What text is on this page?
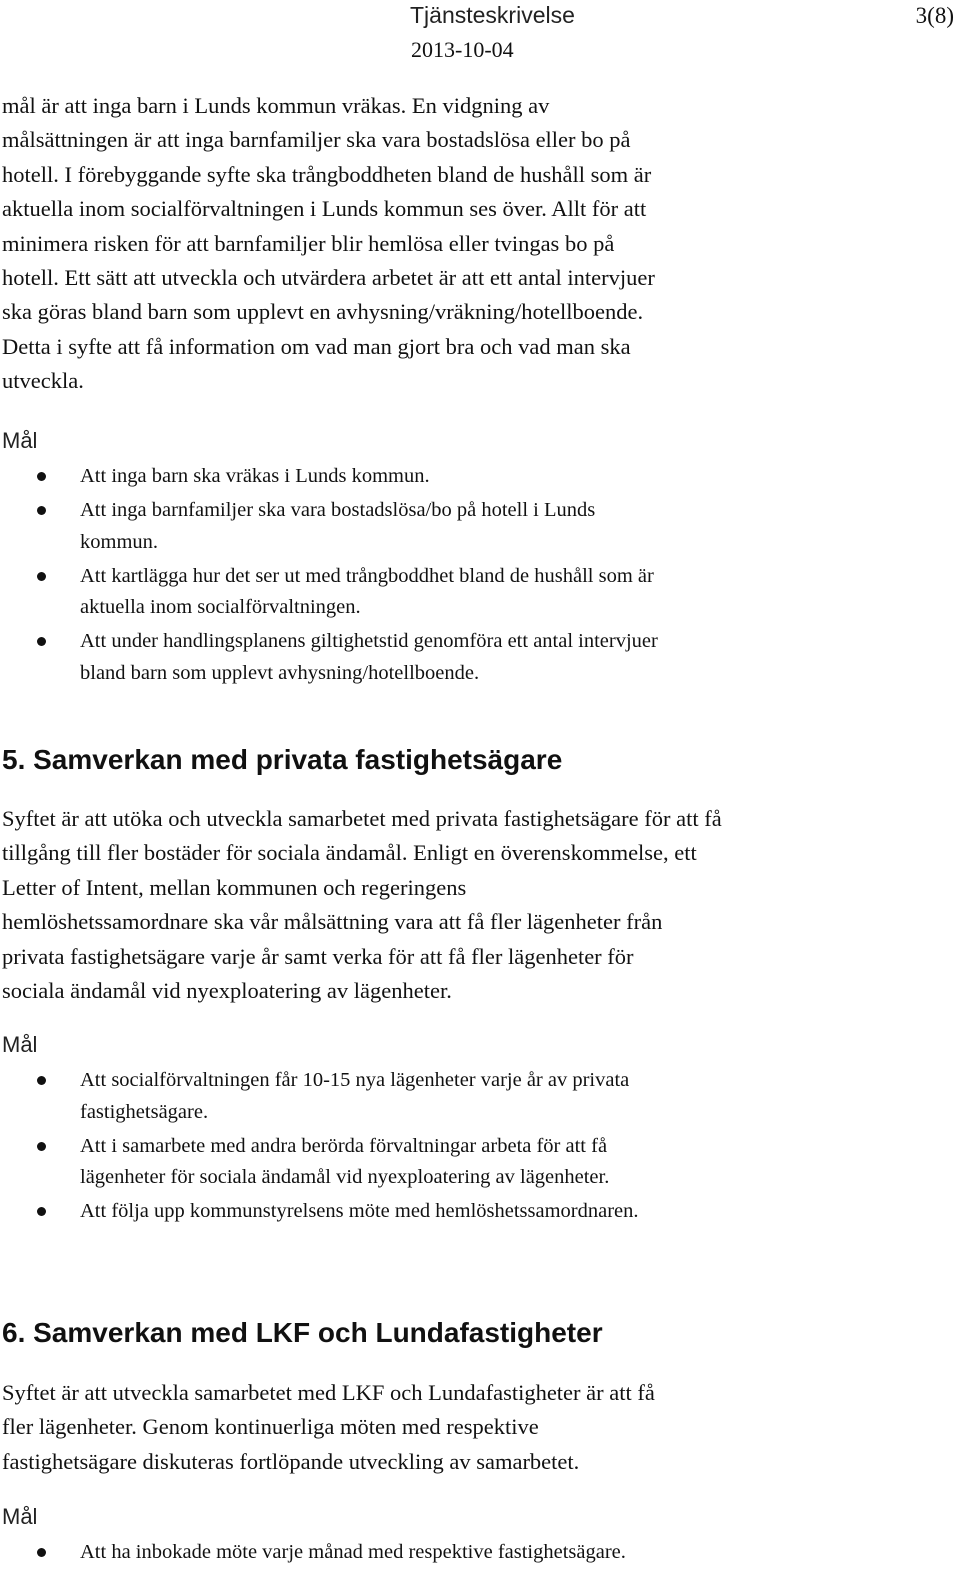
Tjänsteskrivelse	3(8)
2013-10-04

mål är att inga barn i Lunds kommun vräkas. En vidgning av
målsättningen är att inga barnfamiljer ska vara bostadslösa eller bo på
hotell. I förebyggande syfte ska trångboddheten bland de hushåll som är
aktuella inom socialförvaltningen i Lunds kommun ses över. Allt för att
minimera risken för att barnfamiljer blir hemlösa eller tvingas bo på
hotell. Ett sätt att utveckla och utvärdera arbetet är att ett antal intervjuer
ska göras bland barn som upplevt en avhysning/vräkning/hotellboende.
Detta i syfte att få information om vad man gjort bra och vad man ska
utveckla.

Mål
Att inga barn ska vräkas i Lunds kommun.
Att inga barnfamiljer ska vara bostadslösa/bo på hotell i Lunds
kommun.
Att kartlägga hur det ser ut med trångboddhet bland de hushåll som är
aktuella inom socialförvaltningen.
Att under handlingsplanens giltighetstid genomföra ett antal intervjuer
bland barn som upplevt avhysning/hotellboende.
5. Samverkan med privata fastighetsägare

Syftet är att utöka och utveckla samarbetet med privata fastighetsägare för att få
tillgång till fler bostäder för sociala ändamål. Enligt en överenskommelse, ett
Letter of Intent, mellan kommunen och regeringens
hemlöshetssamordnare ska vår målsättning vara att få fler lägenheter från
privata fastighetsägare varje år samt verka för att få fler lägenheter för
sociala ändamål vid nyexploatering av lägenheter.

Mål
Att socialförvaltningen får 10-15 nya lägenheter varje år av privata
fastighetsägare.
Att i samarbete med andra berörda förvaltningar arbeta för att få
lägenheter för sociala ändamål vid nyexploatering av lägenheter.
Att följa upp kommunstyrelsens möte med hemlöshetssamordnaren.
6. Samverkan med LKF och Lundafastigheter

Syftet är att utveckla samarbetet med LKF och Lundafastigheter är att få
fler lägenheter. Genom kontinuerliga möten med respektive
fastighetsägare diskuteras fortlöpande utveckling av samarbetet.

Mål
Att ha inbokade möte varje månad med respektive fastighetsägare.
